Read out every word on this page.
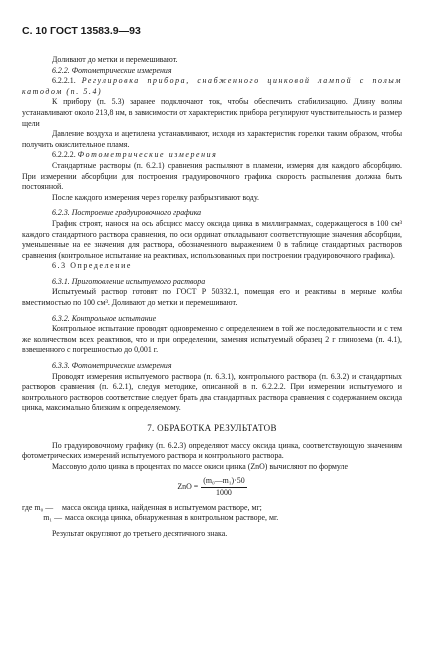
С. 10 ГОСТ 13583.9—93

Доливают до метки и перемешивают.

6.2.2. Фотометрические измерения

6.2.2.1. Регулировка прибора, снабженного цинковой лампой с полым катодом (п. 5.4)

К прибору (п. 5.3) заранее подключают ток, чтобы обеспечить стабилизацию. Длину волны устанавливают около 213,8 нм, в зависимости от характеристик прибора регулируют чувствительность и размер щели

Давление воздуха и ацетилена устанавливают, исходя из характеристик горелки таким образом, чтобы получить окислительное пламя.

6.2.2.2. Фотометрические измерения

Стандартные растворы (п. 6.2.1) сравнения распыляют в пламени, измеряя для каждого абсорбцию. При измерении абсорбции для построения градуировочного графика скорость распыления должна быть постоянной.

После каждого измерения через горелку разбрызгивают воду.

6.2.3. Построение градуировочного графика

График строят, нанося на ось абсцисс массу оксида цинка в миллиграммах, содержащегося в 100 см³ каждого стандартного раствора сравнения, по оси ординат откладывают соответствующие значения абсорбции, уменьшенные на ее значения для раствора, обозначенного выражением 0 в таблице стандартных растворов сравнения (контрольное испытание на реактивах, использованных при построении градуировочного графика).

6.3 Определение

6.3.1. Приготовление испытуемого раствора

Испытуемый раствор готовят по ГОСТ Р 50332.1, помещая его и реактивы в мерные колбы вместимостью по 100 см³. Доливают до метки и перемешивают.

6.3.2. Контрольное испытание

Контрольное испытание проводят одновременно с определением в той же последовательности и с тем же количеством всех реактивов, что и при определении, заменяя испытуемый образец 2 г глинозема (п. 4.1), взвешенного с погрешностью до 0,001 г.

6.3.3. Фотометрические измерения

Проводят измерения испытуемого раствора (п. 6.3.1), контрольного раствора (п. 6.3.2) и стандартных растворов сравнения (п. 6.2.1), следуя методике, описанной в п. 6.2.2.2. При измерении испытуемого и контрольного растворов соответствие следует брать два стандартных раствора сравнения с содержанием оксида цинка, максимально близким к определяемому.

7. ОБРАБОТКА РЕЗУЛЬТАТОВ

По градуировочному графику (п. 6.2.3) определяют массу оксида цинка, соответствующую значениям фотометрических измерений испытуемого раствора и контрольного раствора.

Массовую долю цинка в процентах по массе окиси цинка (ZnO) вычисляют по формуле

ZnO = $\frac{\text{(m₀—m₁)·50}}{1000}$
где m₀ —	масса оксида цинка, найденная в испытуемом растворе, мг;
m₁ — масса оксида цинка, обнаруженная в контрольном растворе, мг.

Результат округляют до третьего десятичного знака.
